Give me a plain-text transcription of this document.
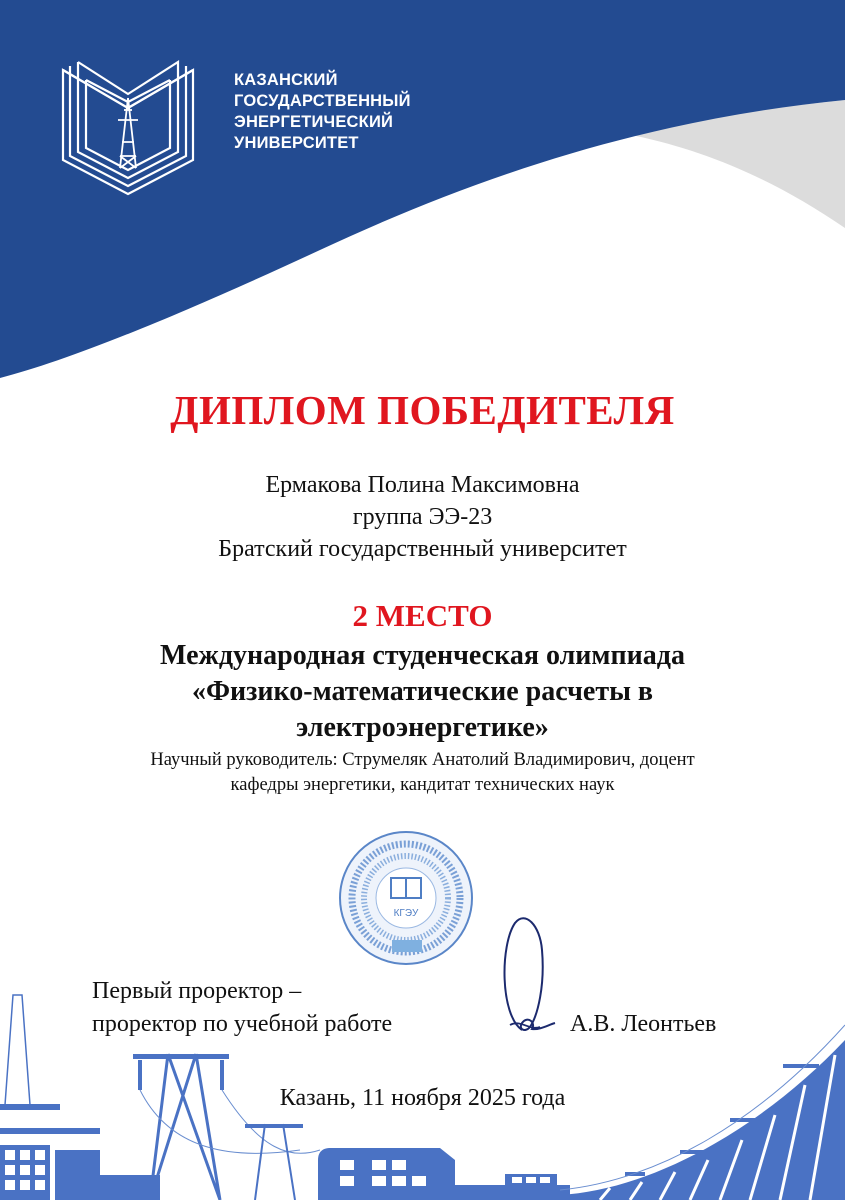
КАЗАНСКИЙ
ГОСУДАРСТВЕННЫЙ
ЭНЕРГЕТИЧЕСКИЙ
УНИВЕРСИТЕТ
ДИПЛОМ ПОБЕДИТЕЛЯ
Ермакова Полина Максимовна
группа ЭЭ-23
Братский государственный университет
2 МЕСТО
Международная студенческая олимпиада
«Физико-математические расчеты в
электроэнергетике»
Научный руководитель: Струмеляк Анатолий Владимирович, доцент
кафедры энергетики, кандитат технических наук
КГЭУ
Первый проректор –
проректор по учебной работе	А.В. Леонтьев
Казань, 11 ноября 2025 года
